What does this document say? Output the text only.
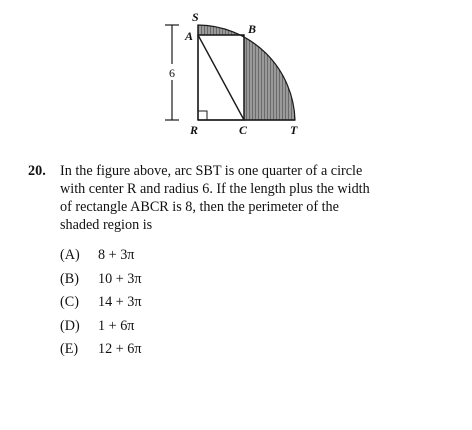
6
S
A	B
R	C	T
20. In the figure above, arc SBT is one quarter of a circle
with center R and radius 6. If the length plus the width
of rectangle ABCR is 8, then the perimeter of the
shaded region is
(A) 8 + 3π
(B) 10 + 3π
(C) 14 + 3π
(D) 1 + 6π
(E) 12 + 6π
